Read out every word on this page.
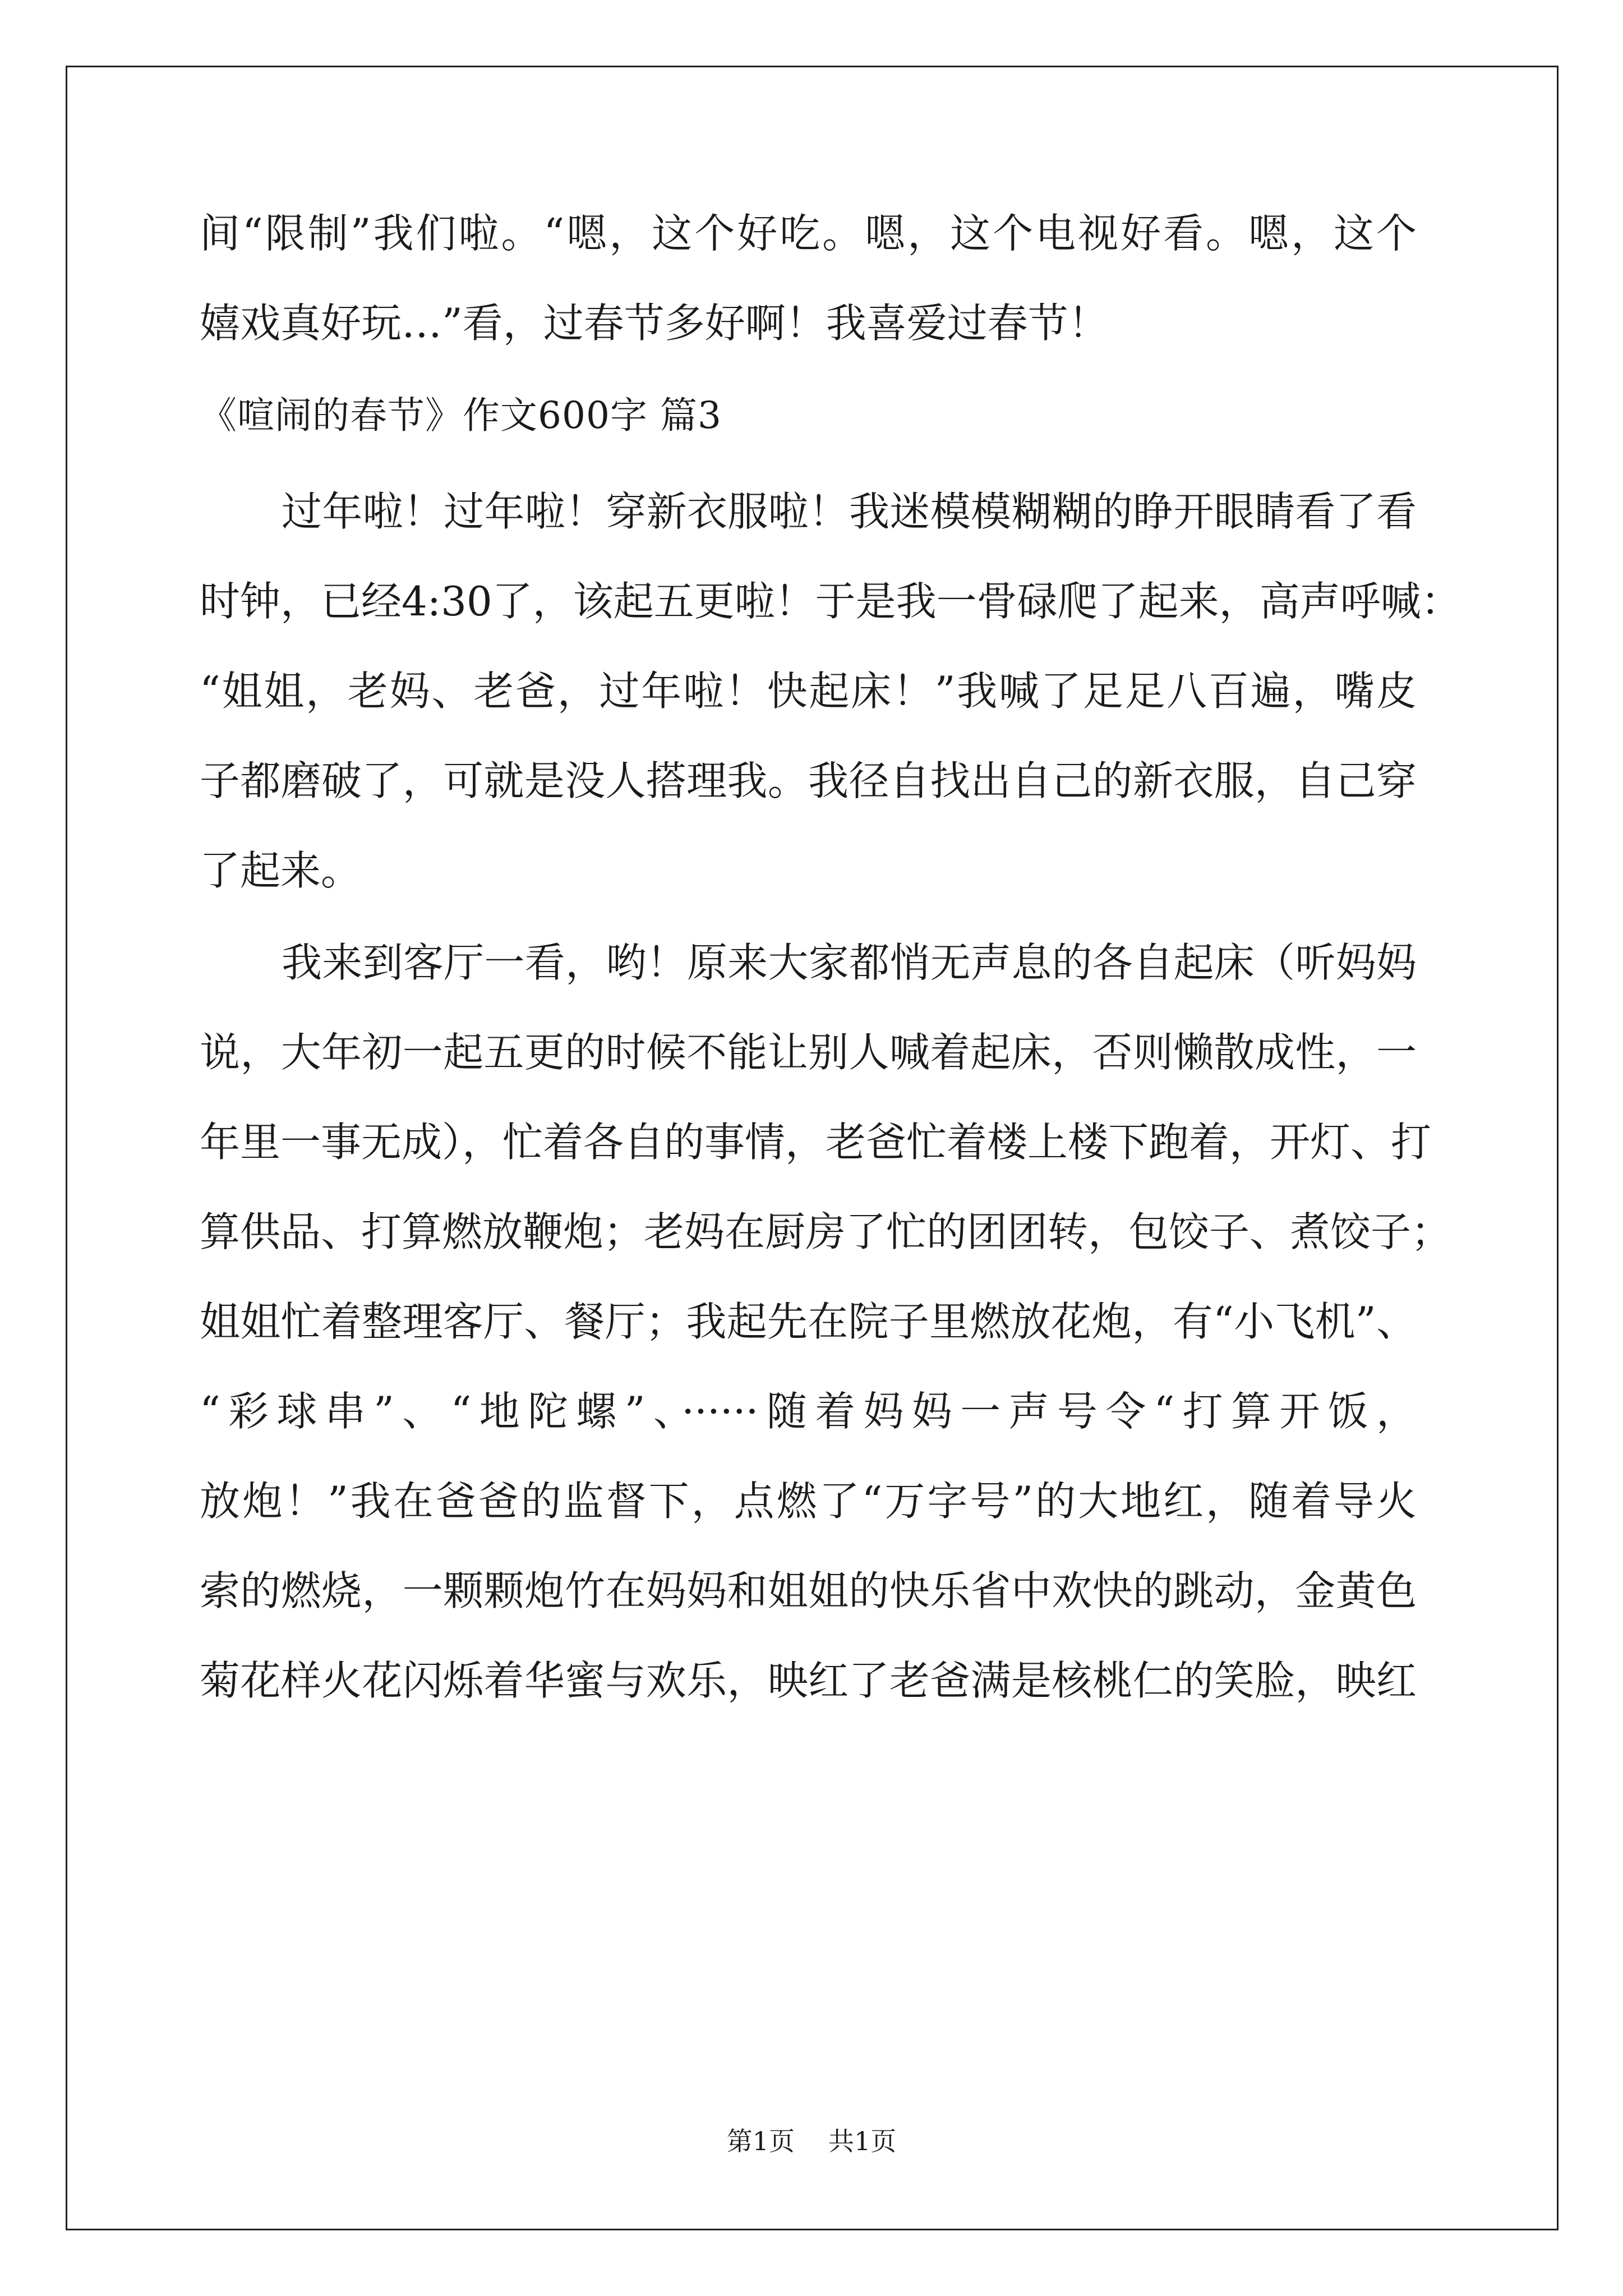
间“限制”我们啦。“嗯，这个好吃。嗯，这个电视好看。嗯，这个

嬉戏真好玩…”看，过春节多好啊！我喜爱过春节！

《喧闹的春节》作文600字 篇3

过年啦！过年啦！穿新衣服啦！我迷模模糊糊的睁开眼睛看了看

时钟，已经4:30了，该起五更啦！于是我一骨碌爬了起来，高声呼喊：

“姐姐，老妈、老爸，过年啦！快起床！”我喊了足足八百遍，嘴皮

子都磨破了，可就是没人搭理我。我径自找出自己的新衣服，自己穿

了起来。

我来到客厅一看，哟！原来大家都悄无声息的各自起床（听妈妈

说，大年初一起五更的时候不能让别人喊着起床，否则懒散成性，一

年里一事无成），忙着各自的事情，老爸忙着楼上楼下跑着，开灯、打

算供品、打算燃放鞭炮；老妈在厨房了忙的团团转，包饺子、煮饺子；

姐姐忙着整理客厅、餐厅；我起先在院子里燃放花炮，有“小飞机”、

“彩球串”、“地陀螺”、······随着妈妈一声号令“打算开饭，

放炮！”我在爸爸的监督下，点燃了“万字号”的大地红，随着导火

索的燃烧，一颗颗炮竹在妈妈和姐姐的快乐省中欢快的跳动，金黄色

菊花样火花闪烁着华蜜与欢乐，映红了老爸满是核桃仁的笑脸，映红

第1页 共1页
